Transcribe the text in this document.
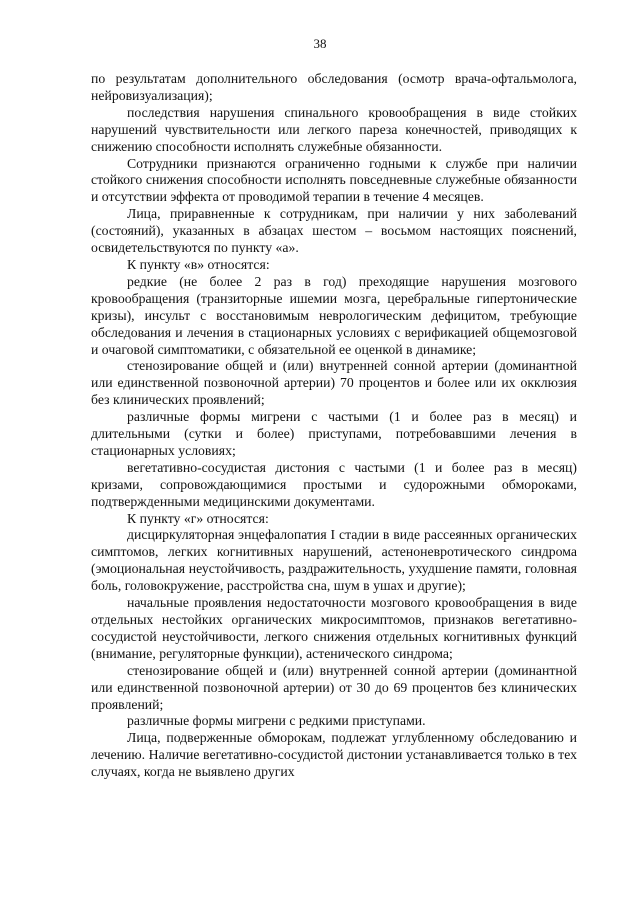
38

по результатам дополнительного обследования (осмотр врача-офтальмолога, нейровизуализация);

последствия нарушения спинального кровообращения в виде стойких нарушений чувствительности или легкого пареза конечностей, приводящих к снижению способности исполнять служебные обязанности.

Сотрудники признаются ограниченно годными к службе при наличии стойкого снижения способности исполнять повседневные служебные обязанности и отсутствии эффекта от проводимой терапии в течение 4 месяцев.

Лица, приравненные к сотрудникам, при наличии у них заболеваний (состояний), указанных в абзацах шестом – восьмом настоящих пояснений, освидетельствуются по пункту «а».

К пункту «в» относятся:

редкие (не более 2 раз в год) преходящие нарушения мозгового кровообращения (транзиторные ишемии мозга, церебральные гипертонические кризы), инсульт с восстановимым неврологическим дефицитом, требующие обследования и лечения в стационарных условиях с верификацией общемозговой и очаговой симптоматики, с обязательной ее оценкой в динамике;

стенозирование общей и (или) внутренней сонной артерии (доминантной или единственной позвоночной артерии) 70 процентов и более или их окклюзия без клинических проявлений;

различные формы мигрени с частыми (1 и более раз в месяц) и длительными (сутки и более) приступами, потребовавшими лечения в стационарных условиях;

вегетативно-сосудистая дистония с частыми (1 и более раз в месяц) кризами, сопровождающимися простыми и судорожными обмороками, подтвержденными медицинскими документами.

К пункту «г» относятся:

дисциркуляторная энцефалопатия I стадии в виде рассеянных органических симптомов, легких когнитивных нарушений, астеноневротического синдрома (эмоциональная неустойчивость, раздражительность, ухудшение памяти, головная боль, головокружение, расстройства сна, шум в ушах и другие);

начальные проявления недостаточности мозгового кровообращения в виде отдельных нестойких органических микросимптомов, признаков вегетативно-сосудистой неустойчивости, легкого снижения отдельных когнитивных функций (внимание, регуляторные функции), астенического синдрома;

стенозирование общей и (или) внутренней сонной артерии (доминантной или единственной позвоночной артерии) от 30 до 69 процентов без клинических проявлений;

различные формы мигрени с редкими приступами.

Лица, подверженные обморокам, подлежат углубленному обследованию и лечению. Наличие вегетативно-сосудистой дистонии устанавливается только в тех случаях, когда не выявлено других
